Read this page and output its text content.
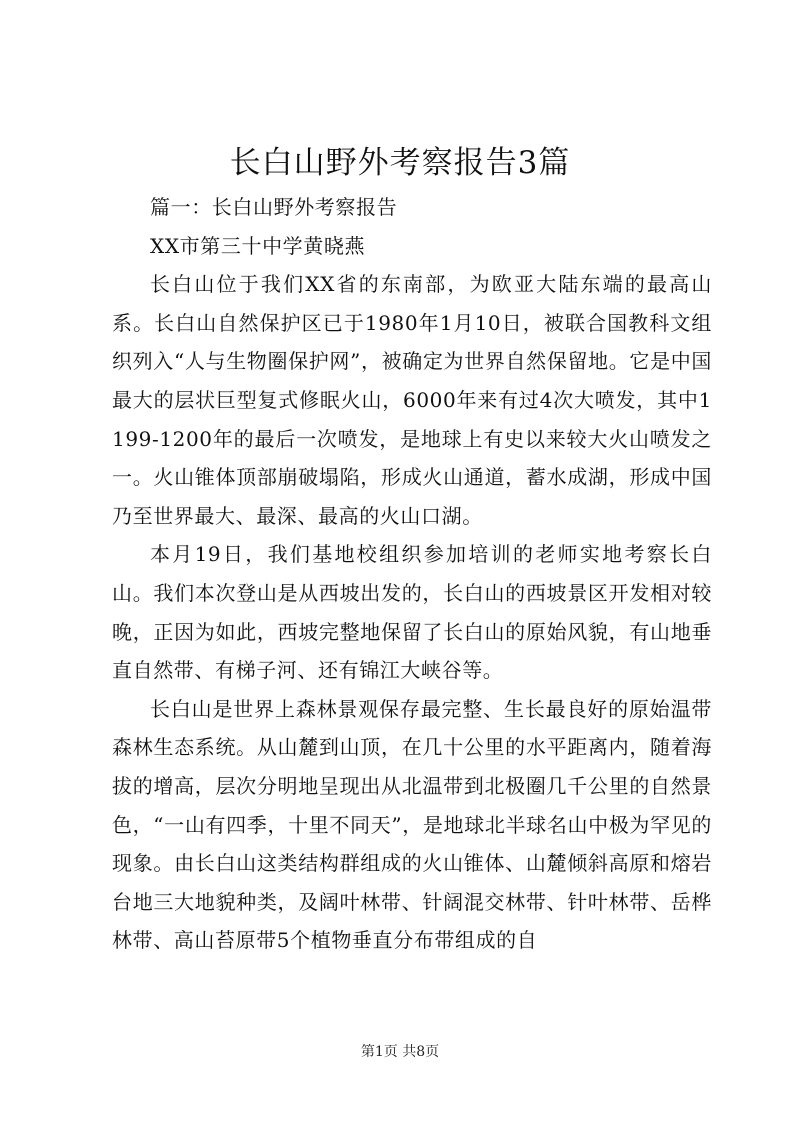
长白山野外考察报告3篇

篇一：长白山野外考察报告

XX市第三十中学黄晓燕

长白山位于我们XX省的东南部，为欧亚大陆东端的最高山系。长白山自然保护区已于1980年1月10日，被联合国教科文组织列入“人与生物圈保护网”，被确定为世界自然保留地。它是中国最大的层状巨型复式修眠火山，6000年来有过4次大喷发，其中1199-1200年的最后一次喷发，是地球上有史以来较大火山喷发之一。火山锥体顶部崩破塌陷，形成火山通道，蓄水成湖，形成中国乃至世界最大、最深、最高的火山口湖。

本月19日，我们基地校组织参加培训的老师实地考察长白山。我们本次登山是从西坡出发的，长白山的西坡景区开发相对较晚，正因为如此，西坡完整地保留了长白山的原始风貌，有山地垂直自然带、有梯子河、还有锦江大峡谷等。

长白山是世界上森林景观保存最完整、生长最良好的原始温带森林生态系统。从山麓到山顶，在几十公里的水平距离内，随着海拔的增高，层次分明地呈现出从北温带到北极圈几千公里的自然景色，“一山有四季，十里不同天”，是地球北半球名山中极为罕见的现象。由长白山这类结构群组成的火山锥体、山麓倾斜高原和熔岩台地三大地貌种类，及阔叶林带、针阔混交林带、针叶林带、岳桦林带、高山苔原带5个植物垂直分布带组成的自

第1页 共8页
